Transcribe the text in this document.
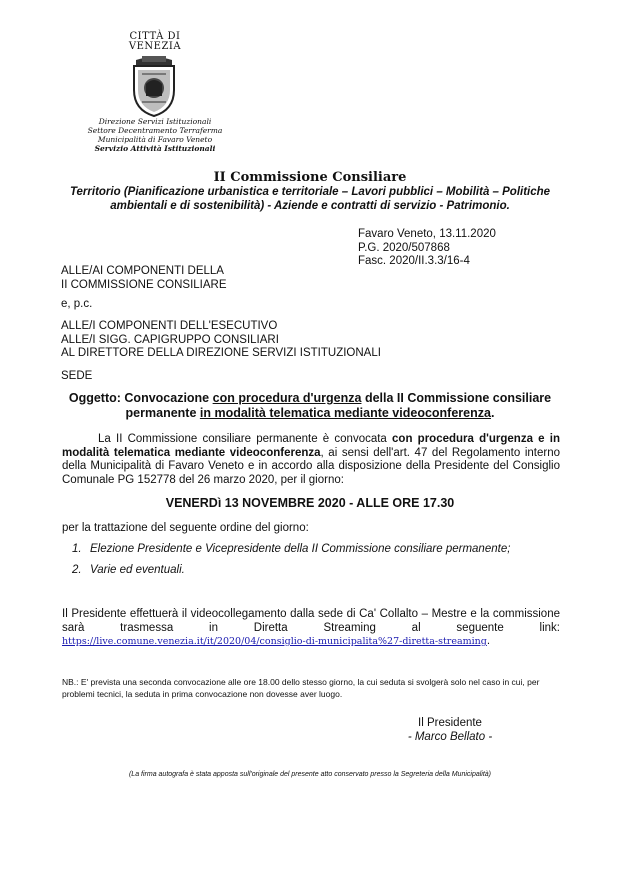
CITTÀ DI
VENEZIA
Direzione Servizi Istituzionali
Settore Decentramento Terraferma
Municipalità di Favaro Veneto
Servizio Attività Istituzionali
II Commissione Consiliare
Territorio (Pianificazione urbanistica e territoriale – Lavori pubblici – Mobilità – Politiche ambientali e di sostenibilità) - Aziende e contratti di servizio - Patrimonio.
Favaro Veneto, 13.11.2020
P.G. 2020/507868
Fasc. 2020/II.3.3/16-4
ALLE/AI COMPONENTI DELLA
II COMMISSIONE CONSILIARE
e, p.c.
ALLE/I COMPONENTI DELL'ESECUTIVO
ALLE/I SIGG. CAPIGRUPPO CONSILIARI
AL DIRETTORE DELLA DIREZIONE SERVIZI ISTITUZIONALI
SEDE
Oggetto: Convocazione con procedura d'urgenza della II Commissione consiliare permanente in modalità telematica mediante videoconferenza.
La II Commissione consiliare permanente è convocata con procedura d'urgenza e in modalità telematica mediante videoconferenza, ai sensi dell'art. 47 del Regolamento interno della Municipalità di Favaro Veneto e in accordo alla disposizione della Presidente del Consiglio Comunale PG 152778 del 26 marzo 2020, per il giorno:
VENERDì 13 NOVEMBRE 2020 - ALLE ORE 17.30
per la trattazione del seguente ordine del giorno:
1. Elezione Presidente e Vicepresidente della II Commissione consiliare permanente;
2. Varie ed eventuali.
Il Presidente effettuerà il videocollegamento dalla sede di Ca' Collalto – Mestre e la commissione sarà trasmessa in Diretta Streaming al seguente link: https://live.comune.venezia.it/it/2020/04/consiglio-di-municipalita%27-diretta-streaming.
NB.: E' prevista una seconda convocazione alle ore 18.00 dello stesso giorno, la cui seduta si svolgerà solo nel caso in cui, per problemi tecnici, la seduta in prima convocazione non dovesse aver luogo.
Il Presidente
- Marco Bellato -
(La firma autografa è stata apposta sull'originale del presente atto conservato presso la Segreteria della Municipalità)
